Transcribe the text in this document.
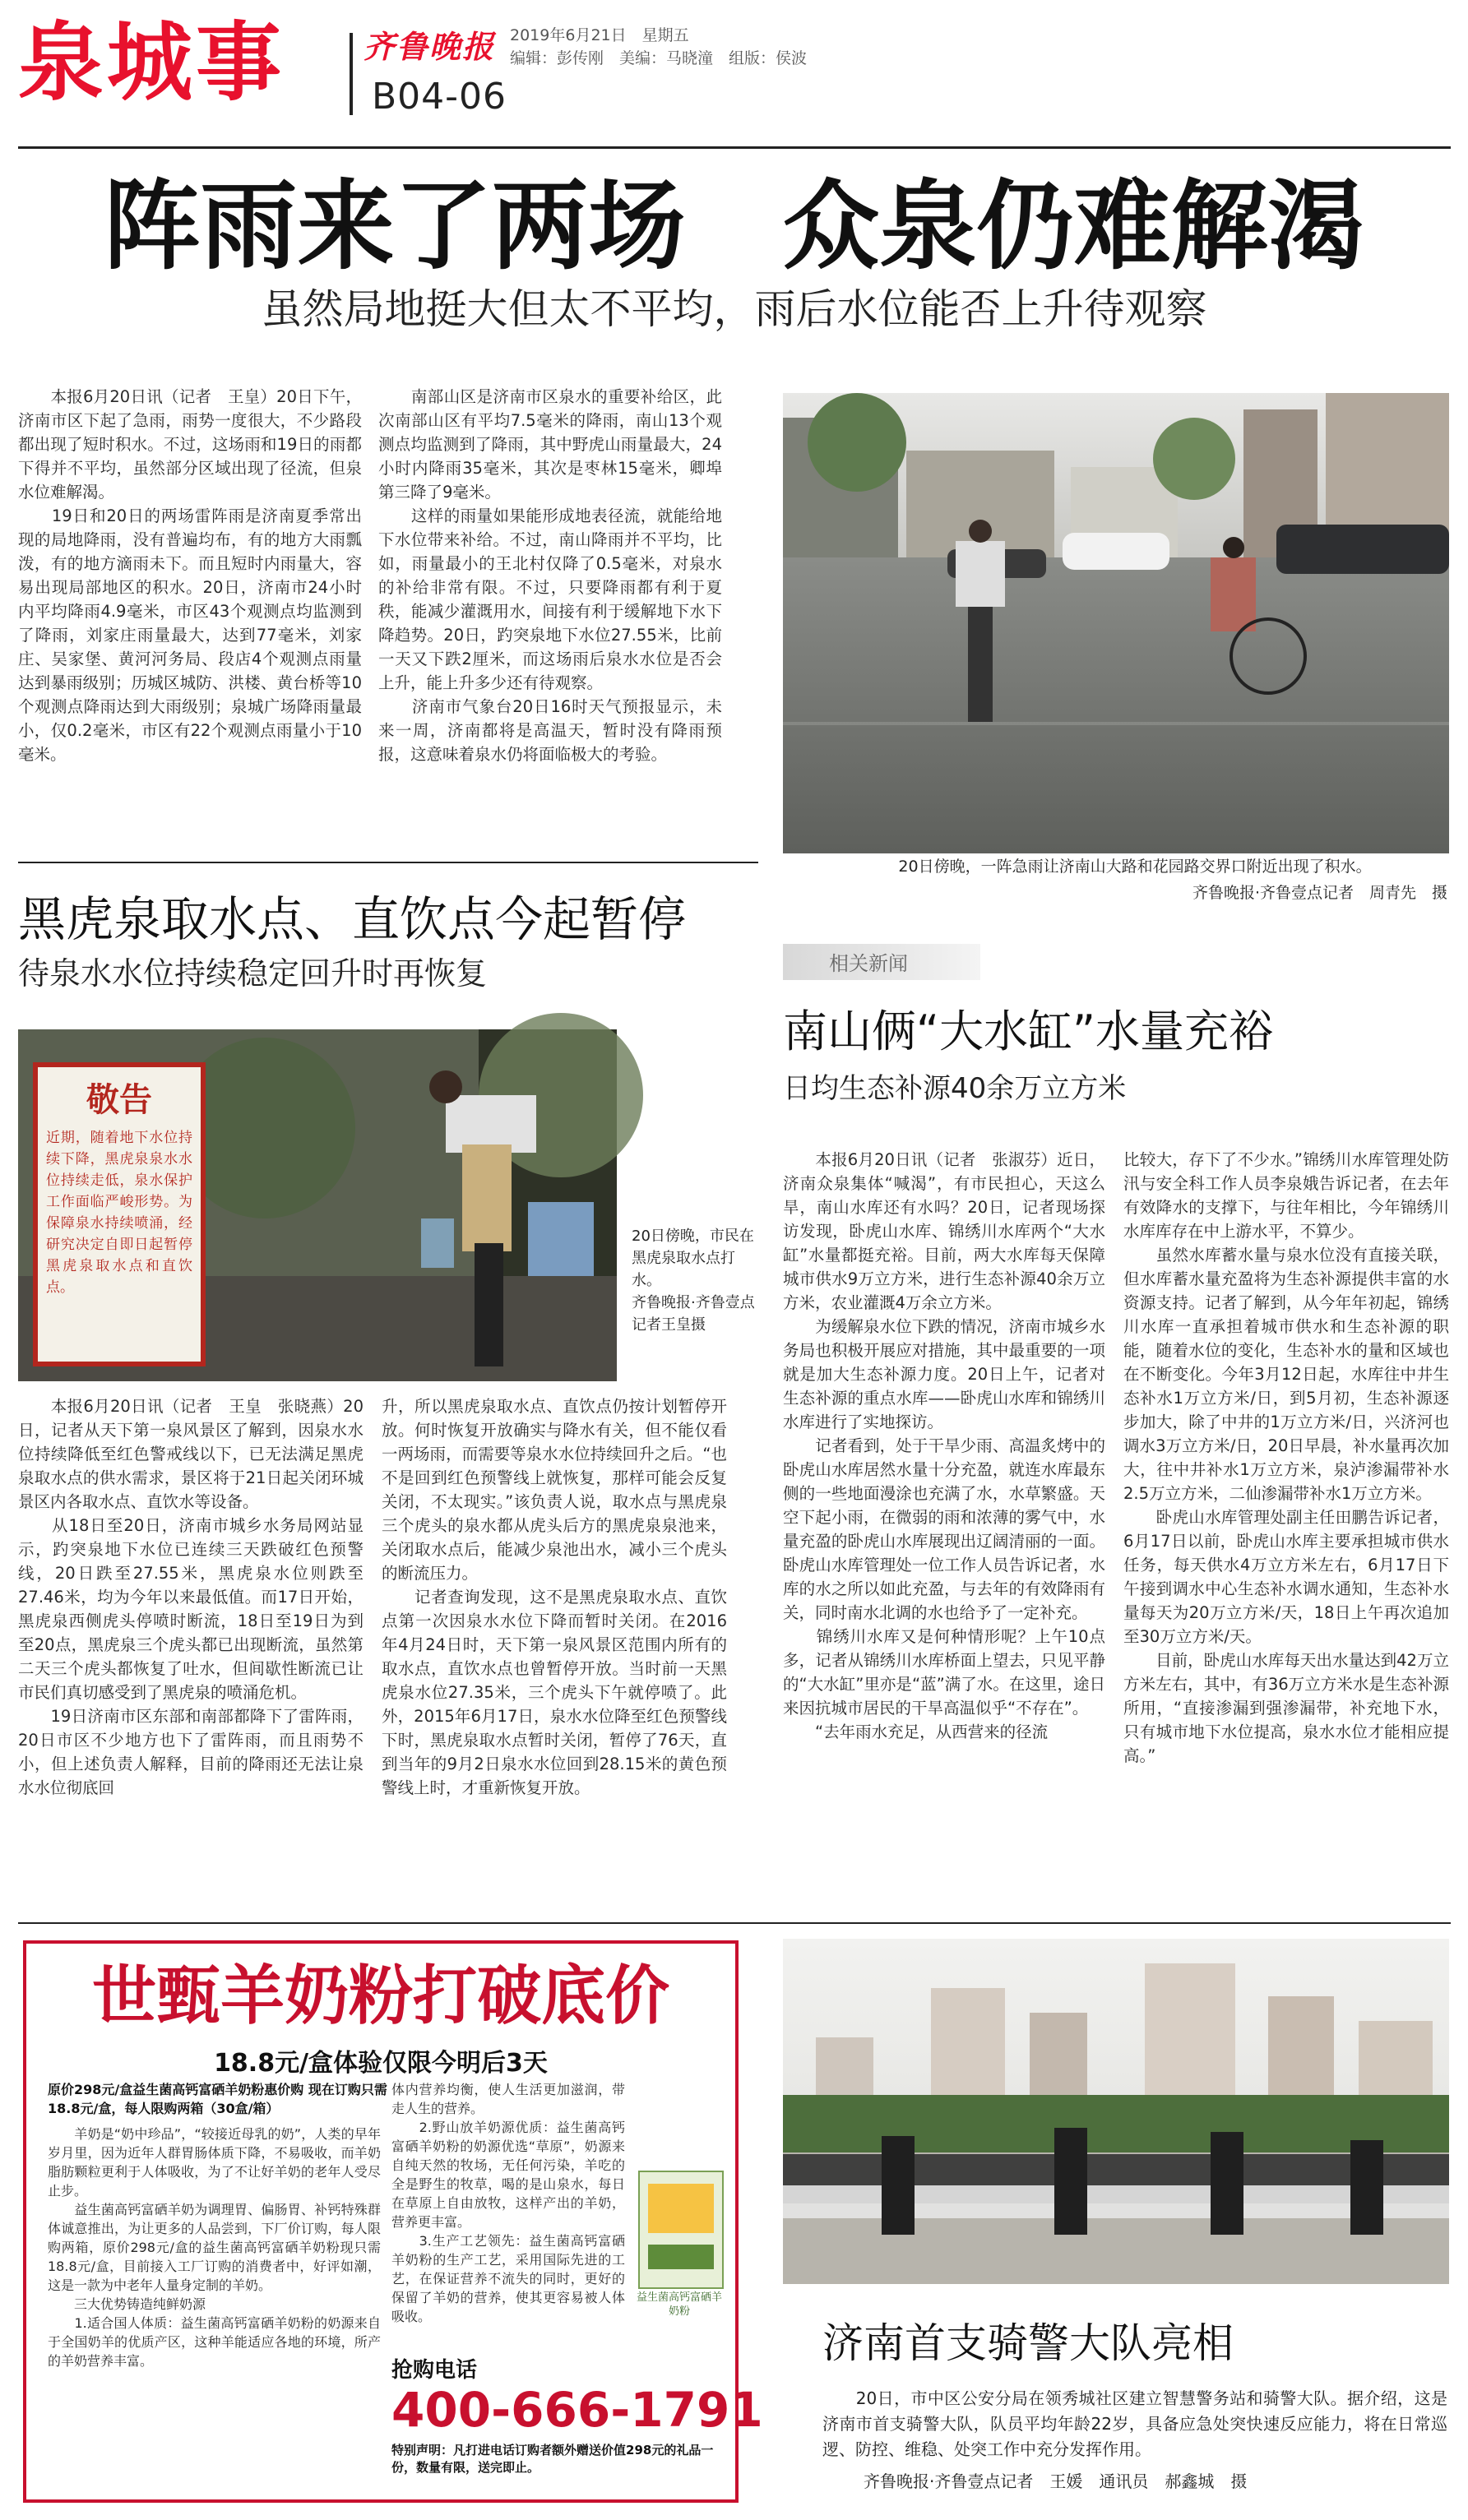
泉城事	齐鲁晚报 2019年6月21日　星期五
编辑：彭传刚　美编：马晓潼　组版：侯波
B04-06
阵雨来了两场　众泉仍难解渴
虽然局地挺大但太不平均，雨后水位能否上升待观察
　　本报6月20日讯（记者　王皇）20日下午，济南市区下起了急雨，雨势一度很大，不少路段都出现了短时积水。不过，这场雨和19日的雨都下得并不平均，虽然部分区域出现了径流，但泉水位难解渴。
　　19日和20日的两场雷阵雨是济南夏季常出现的局地降雨，没有普遍均布，有的地方大雨瓢泼，有的地方滴雨未下。而且短时内雨量大，容易出现局部地区的积水。20日，济南市24小时内平均降雨4.9毫米，市区43个观测点均监测到了降雨，刘家庄雨量最大，达到77毫米，刘家庄、吴家堡、黄河河务局、段店4个观测点雨量达到暴雨级别；历城区城防、洪楼、黄台桥等10个观测点降雨达到大雨级别；泉城广场降雨量最小，仅0.2毫米，市区有22个观测点雨量小于10毫米。
　　南部山区是济南市区泉水的重要补给区，此次南部山区有平均7.5毫米的降雨，南山13个观测点均监测到了降雨，其中野虎山雨量最大，24小时内降雨35毫米，其次是枣林15毫米，卿埠第三降了9毫米。
　　这样的雨量如果能形成地表径流，就能给地下水位带来补给。不过，南山降雨并不平均，比如，雨量最小的王北村仅降了0.5毫米，对泉水的补给非常有限。不过，只要降雨都有利于夏秩，能减少灌溉用水，间接有利于缓解地下水下降趋势。20日，趵突泉地下水位27.55米，比前一天又下跌2厘米，而这场雨后泉水水位是否会上升，能上升多少还有待观察。
　　济南市气象台20日16时天气预报显示，未来一周，济南都将是高温天，暂时没有降雨预报，这意味着泉水仍将面临极大的考验。
20日傍晚，一阵急雨让济南山大路和花园路交界口附近出现了积水。
齐鲁晚报·齐鲁壹点记者　周青先　摄
黑虎泉取水点、直饮点今起暂停
待泉水水位持续稳定回升时再恢复
敬告
近期，随着地下水位持续下降，黑虎泉泉水水位持续走低，泉水保护工作面临严峻形势。为保障泉水持续喷涌，经研究决定自即日起暂停黑虎泉取水点和直饮点。
20日傍晚，市民在黑虎泉取水点打水。
齐鲁晚报·齐鲁壹点记者王皇摄
　　本报6月20日讯（记者　王皇　张晓燕）20日，记者从天下第一泉风景区了解到，因泉水水位持续降低至红色警戒线以下，已无法满足黑虎泉取水点的供水需求，景区将于21日起关闭环城景区内各取水点、直饮水等设备。
　　从18日至20日，济南市城乡水务局网站显示，趵突泉地下水位已连续三天跌破红色预警线，20日跌至27.55米，黑虎泉水位则跌至27.46米，均为今年以来最低值。而17日开始，黑虎泉西侧虎头停喷时断流，18日至19日为到至20点，黑虎泉三个虎头都已出现断流，虽然第二天三个虎头都恢复了吐水，但间歇性断流已让市民们真切感受到了黑虎泉的喷涌危机。
　　19日济南市区东部和南部都降下了雷阵雨，20日市区不少地方也下了雷阵雨，而且雨势不小，但上述负责人解释，目前的降雨还无法让泉水水位彻底回
升，所以黑虎泉取水点、直饮点仍按计划暂停开放。何时恢复开放确实与降水有关，但不能仅看一两场雨，而需要等泉水水位持续回升之后。“也不是回到红色预警线上就恢复，那样可能会反复关闭，不太现实。”该负责人说，取水点与黑虎泉三个虎头的泉水都从虎头后方的黑虎泉泉池来，关闭取水点后，能减少泉池出水，减小三个虎头的断流压力。
　　记者查询发现，这不是黑虎泉取水点、直饮点第一次因泉水水位下降而暂时关闭。在2016年4月24日时，天下第一泉风景区范围内所有的取水点，直饮水点也曾暂停开放。当时前一天黑虎泉水位27.35米，三个虎头下午就停喷了。此外，2015年6月17日，泉水水位降至红色预警线下时，黑虎泉取水点暂时关闭，暂停了76天，直到当年的9月2日泉水水位回到28.15米的黄色预警线上时，才重新恢复开放。
相关新闻
南山俩“大水缸”水量充裕
日均生态补源40余万立方米
　　本报6月20日讯（记者　张淑芬）近日，济南众泉集体“喊渴”，有市民担心，天这么旱，南山水库还有水吗？20日，记者现场探访发现，卧虎山水库、锦绣川水库两个“大水缸”水量都挺充裕。目前，两大水库每天保障城市供水9万立方米，进行生态补源40余万立方米，农业灌溉4万余立方米。
　　为缓解泉水位下跌的情况，济南市城乡水务局也积极开展应对措施，其中最重要的一项就是加大生态补源力度。20日上午，记者对生态补源的重点水库——卧虎山水库和锦绣川水库进行了实地探访。
　　记者看到，处于干旱少雨、高温炙烤中的卧虎山水库居然水量十分充盈，就连水库最东侧的一些地面漫涂也充满了水，水草繁盛。天空下起小雨，在微弱的雨和浓薄的雾气中，水量充盈的卧虎山水库展现出辽阔清丽的一面。卧虎山水库管理处一位工作人员告诉记者，水库的水之所以如此充盈，与去年的有效降雨有关，同时南水北调的水也给予了一定补充。
　　锦绣川水库又是何种情形呢？上午10点多，记者从锦绣川水库桥面上望去，只见平静的“大水缸”里亦是“蓝”满了水。在这里，途日来因抗城市居民的干旱高温似乎“不存在”。
　　“去年雨水充足，从西营来的径流
比较大，存下了不少水。”锦绣川水库管理处防汛与安全科工作人员李泉娥告诉记者，在去年有效降水的支撑下，与往年相比，今年锦绣川水库库存在中上游水平，不算少。
　　虽然水库蓄水量与泉水位没有直接关联，但水库蓄水量充盈将为生态补源提供丰富的水资源支持。记者了解到，从今年年初起，锦绣川水库一直承担着城市供水和生态补源的职能，随着水位的变化，生态补水的量和区域也在不断变化。今年3月12日起，水库往中井生态补水1万立方米/日，到5月初，生态补源逐步加大，除了中井的1万立方米/日，兴济河也调水3万立方米/日，20日早晨，补水量再次加大，往中井补水1万立方米，泉泸渗漏带补水2.5万立方米，二仙渗漏带补水1万立方米。
　　卧虎山水库管理处副主任田鹏告诉记者，6月17日以前，卧虎山水库主要承担城市供水任务，每天供水4万立方米左右，6月17日下午接到调水中心生态补水调水通知，生态补水量每天为20万立方米/天，18日上午再次追加至30万立方米/天。
　　目前，卧虎山水库每天出水量达到42万立方米左右，其中，有36万立方米水是生态补源所用，“直接渗漏到强渗漏带，补充地下水，只有城市地下水位提高，泉水水位才能相应提高。”
世甄羊奶粉打破底价
18.8元/盒体验仅限今明后3天
原价298元/盒益生菌高钙富硒羊奶粉惠价购 现在订购只需18.8元/盒，每人限购两箱（30盒/箱）
　　羊奶是“奶中珍品”，“较接近母乳的奶”，人类的早年岁月里，因为近年人群胃肠体质下降，不易吸收，而羊奶脂肪颗粒更利于人体吸收，为了不让好羊奶的老年人受尽止步。
　　益生菌高钙富硒羊奶为调理胃、偏肠胃、补钙特殊群体诚意推出，为让更多的人品尝到，下厂价订购，每人限购两箱，原价298元/盒的益生菌高钙富硒羊奶粉现只需18.8元/盒，目前接入工厂订购的消费者中，好评如潮，这是一款为中老年人量身定制的羊奶。
　　三大优势铸造纯鲜奶源
　　1.适合国人体质：益生菌高钙富硒羊奶粉的奶源来自于全国奶羊的优质产区，这种羊能适应各地的环境，所产的羊奶营养丰富。
体内营养均衡，使人生活更加滋润，带走人生的营养。
　　2.野山放羊奶源优质：益生菌高钙富硒羊奶粉的奶源优选“草原”，奶源来自纯天然的牧场，无任何污染，羊吃的全是野生的牧草，喝的是山泉水，每日在草原上自由放牧，这样产出的羊奶，营养更丰富。
　　3.生产工艺领先：益生菌高钙富硒羊奶粉的生产工艺，采用国际先进的工艺，在保证营养不流失的同时，更好的保留了羊奶的营养，使其更容易被人体吸收。
益生菌高钙富硒羊奶粉
抢购电话
400-666-1791
特别声明：凡打进电话订购者额外赠送价值298元的礼品一份，数量有限，送完即止。
济南首支骑警大队亮相
　　20日，市中区公安分局在领秀城社区建立智慧警务站和骑警大队。据介绍，这是济南市首支骑警大队，队员平均年龄22岁，具备应急处突快速反应能力，将在日常巡逻、防控、维稳、处突工作中充分发挥作用。
齐鲁晚报·齐鲁壹点记者　王媛　通讯员　郝鑫城　摄
